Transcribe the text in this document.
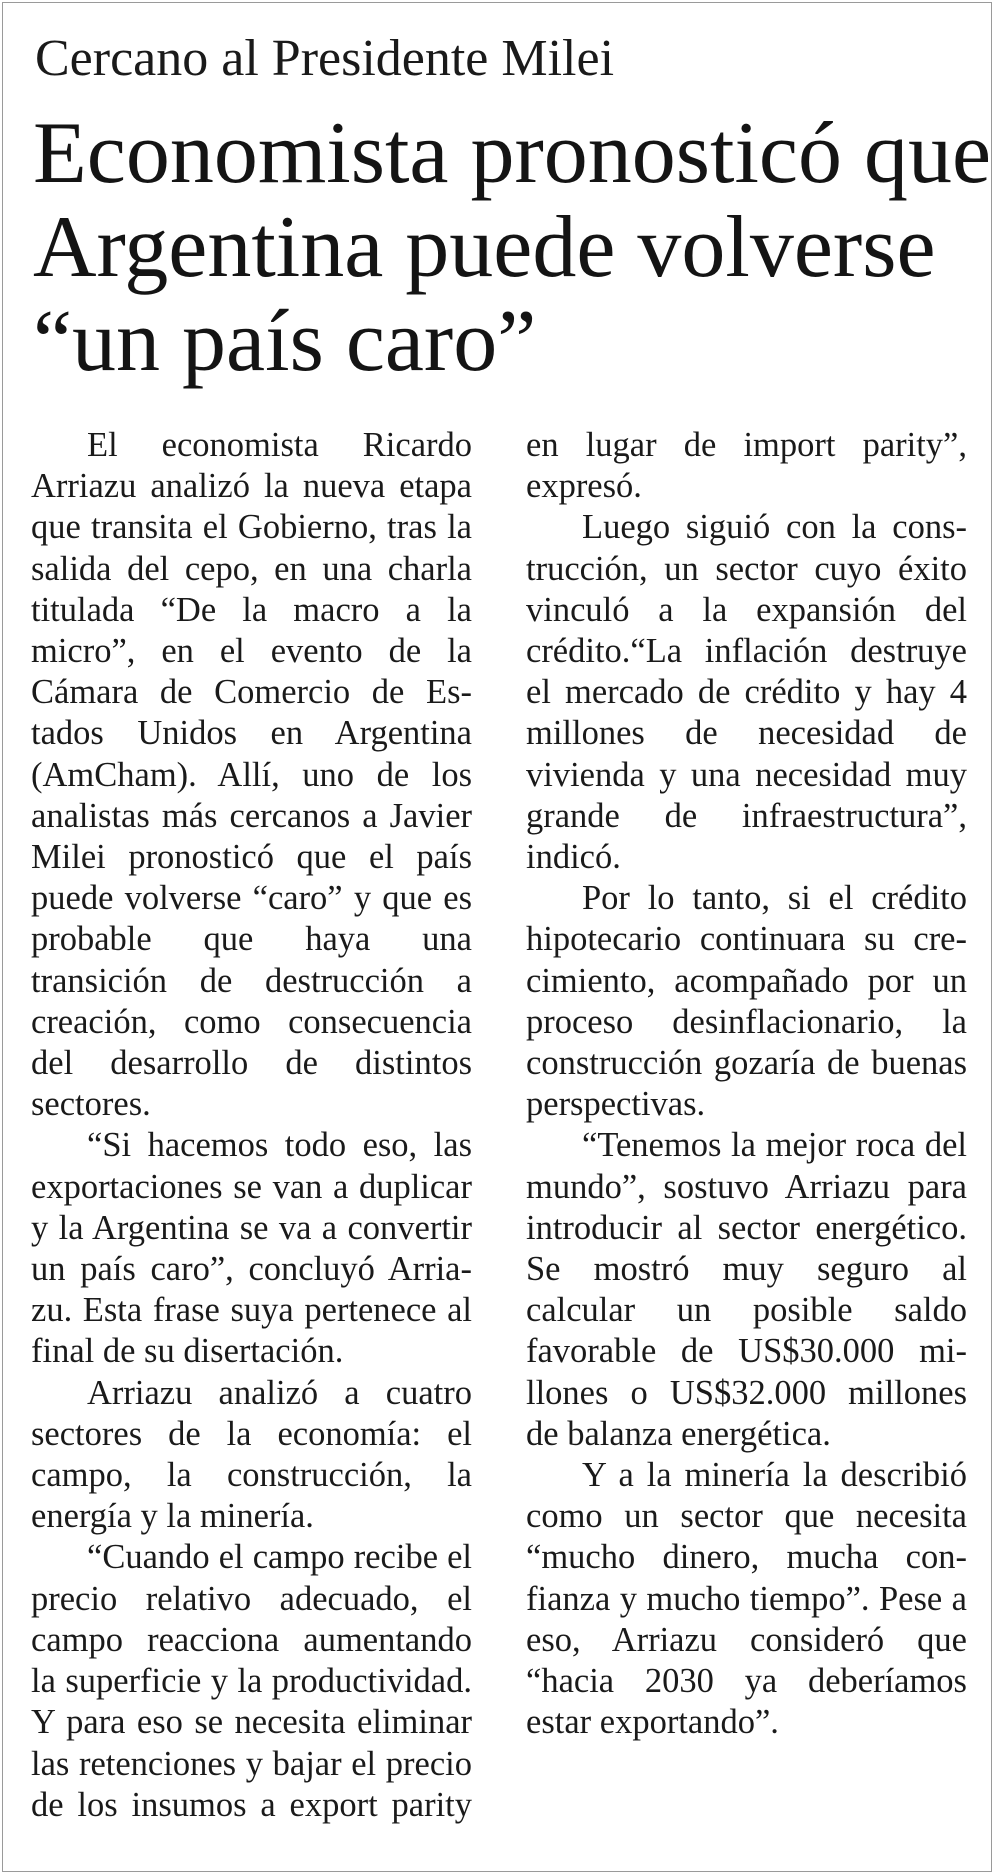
Cercano al Presidente Milei
Economista pronosticó que
Argentina puede volverse
“un país caro”

El economista Ricardo Arriazu analizó la nueva etapa que transita el Gobierno, tras la salida del cepo, en una charla titulada “De la macro a la micro”, en el evento de la Cámara de Comercio de Estados Unidos en Argentina (AmCham). Allí, uno de los analistas más cercanos a Javier Milei pronosticó que el país puede volverse “caro” y que es probable que haya una transición de destrucción a creación, como consecuencia del desarrollo de distintos sectores.

“Si hacemos todo eso, las exportaciones se van a duplicar y la Argentina se va a convertir un país caro”, concluyó Arriazu. Esta frase suya pertenece al final de su disertación.

Arriazu analizó a cuatro sectores de la economía: el campo, la construcción, la energía y la minería.

“Cuando el campo recibe el precio relativo adecuado, el campo reacciona aumentando la superficie y la productividad. Y para eso se necesita eliminar las retenciones y bajar el precio de los insumos a export parity en lugar de import parity”, expresó.

Luego siguió con la construcción, un sector cuyo éxito vinculó a la expansión del crédito.“La inflación destruye el mercado de crédito y hay 4 millones de necesidad de vivienda y una necesidad muy grande de infraestructura”, indicó.

Por lo tanto, si el crédito hipotecario continuara su crecimiento, acompañado por un proceso desinflacionario, la construcción gozaría de buenas perspectivas.

“Tenemos la mejor roca del mundo”, sostuvo Arriazu para introducir al sector energético. Se mostró muy seguro al calcular un posible saldo favorable de US$30.000 millones o US$32.000 millones de balanza energética.

Y a la minería la describió como un sector que necesita “mucho dinero, mucha confianza y mucho tiempo”. Pese a eso, Arriazu consideró que “hacia 2030 ya deberíamos estar exportando”.
